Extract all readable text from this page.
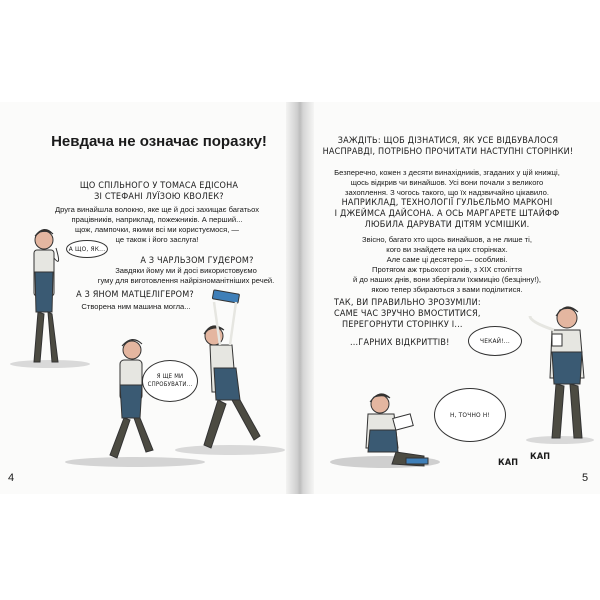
Невдача не означає поразку!
ЩО СПІЛЬНОГО У ТОМАСА ЕДІСОНА
ЗІ СТЕФАНІ ЛУЇЗОЮ КВОЛЕК?
Друга винайшла волокно, яке ще й досі захищає багатьох
працівників, наприклад, пожежників. А перший...
щож, лампочки, якими всі ми користуємося, —
це також і його заслуга!
А З ЧАРЛЬЗОМ ГУДЄРОМ?
Завдяки йому ми й досі використовуємо
гуму для виготовлення найрізноманітніших речей.
А З ЯНОМ МАТЦЕЛІГЕРОМ?
Створена ним машина могла...
А ЩО, ЯК...
Я ЩЕ МИ СПРОБУВАТИ...
4
ЗАЖДІТЬ: ЩОБ ДІЗНАТИСЯ, ЯК УСЕ ВІДБУВАЛОСЯ
НАСПРАВДІ, ПОТРІБНО ПРОЧИТАТИ НАСТУПНІ СТОРІНКИ!
Безперечно, кожен з десяти винахідників, згаданих у цій книжці,
щось відкрив чи винайшов. Усі вони почали з великого
захоплення. З чогось такого, що їх надзвичайно цікавило.
НАПРИКЛАД, ТЕХНОЛОГІЇ ГУЛЬЄЛЬМО МАРКОНІ
І ДЖЕЙМСА ДАЙСОНА. А ОСЬ МАРГАРЕТЕ ШТАЙФФ
ЛЮБИЛА ДАРУВАТИ ДІТЯМ УСМІШКИ.
Звісно, багато хто щось винайшов, а не лише ті,
кого ви знайдете на цих сторінках.
Але саме ці десятеро — особливі.
Протягом аж трьохсот років, з XIX століття
й до наших днів, вони зберігали їхжмицію (безцінну!),
якою тепер збираються з вами поділитися.
ТАК, ВИ ПРАВИЛЬНО ЗРОЗУМІЛИ:
САМЕ ЧАС ЗРУЧНО ВМОСТИТИСЯ,
ПЕРЕГОРНУТИ СТОРІНКУ І...
...ГАРНИХ ВІДКРИТТІВ!	ЧЕКАЙ!...
Н, ТОЧНО Н!
КАП
КАП
5
